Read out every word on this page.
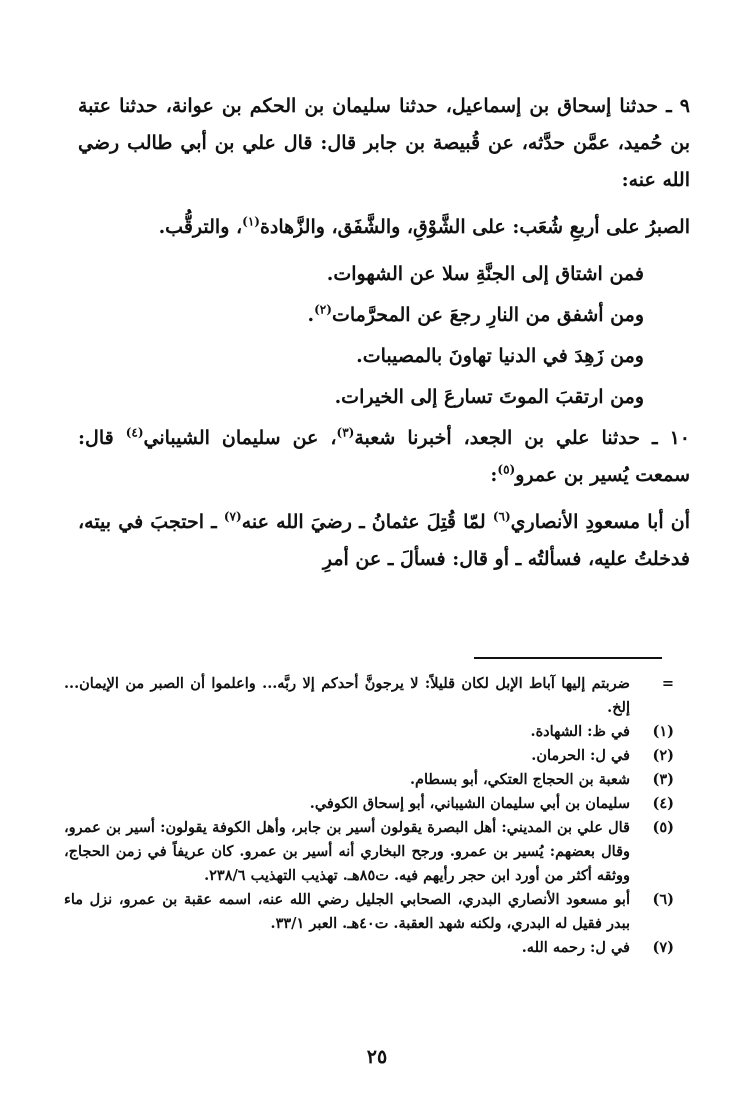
٩ ـ حدثنا إسحاق بن إسماعيل، حدثنا سليمان بن الحكم بن عوانة، حدثنا عتبة بن حُميد، عمَّن حدَّثه، عن قُبيصة بن جابر قال: قال علي بن أبي طالب رضي الله عنه:

الصبرُ على أربعِ شُعَب: على الشَّوْقِ، والشَّفَق، والزَّهادة$^{(١)}$، والترقُّب.

فمن اشتاق إلى الجنَّةِ سلا عن الشهوات.

ومن أشفق من النارِ رجعَ عن المحرَّمات$^{(٢)}$.

ومن زَهِدَ في الدنيا تهاونَ بالمصيبات.

ومن ارتقبَ الموتَ تسارعَ إلى الخيرات.

١٠ ـ حدثنا علي بن الجعد، أخبرنا شعبة$^{(٣)}$، عن سليمان الشيباني$^{(٤)}$ قال: سمعت يُسير بن عمرو$^{(٥)}$:

أن أبا مسعودِ الأنصاري$^{(٦)}$ لمّا قُتِلَ عثمانُ ـ رضيَ الله عنه$^{(٧)}$ ـ احتجبَ في بيته، فدخلتُ عليه، فسألتُه ـ أو قال: فسألَ ـ عن أمرِ

=
ضربتم إليها آباط الإبل لكان قليلاً: لا يرجونَّ أحدكم إلا ربَّه... واعلموا أن الصبر من الإيمان... إلخ.
(١)
في ظ: الشهادة.
(٢)
في ل: الحرمان.
(٣)
شعبة بن الحجاج العتكي، أبو بسطام.
(٤)
سليمان بن أبي سليمان الشيباني، أبو إسحاق الكوفي.
(٥)
قال علي بن المديني: أهل البصرة يقولون أسير بن جابر، وأهل الكوفة يقولون: أسير بن عمرو، وقال بعضهم: يُسير بن عمرو. ورجح البخاري أنه أسير بن عمرو. كان عريفاً في زمن الحجاج، ووثقه أكثر من أورد ابن حجر رأيهم فيه. ت٨٥هـ. تهذيب التهذيب ٢٣٨/٦.
(٦)
أبو مسعود الأنصاري البدري، الصحابي الجليل رضي الله عنه، اسمه عقبة بن عمرو، نزل ماء ببدر فقيل له البدري، ولكنه شهد العقبة. ت٤٠هـ. العبر ٣٣/١.
(٧)
في ل: رحمه الله.
٢٥
